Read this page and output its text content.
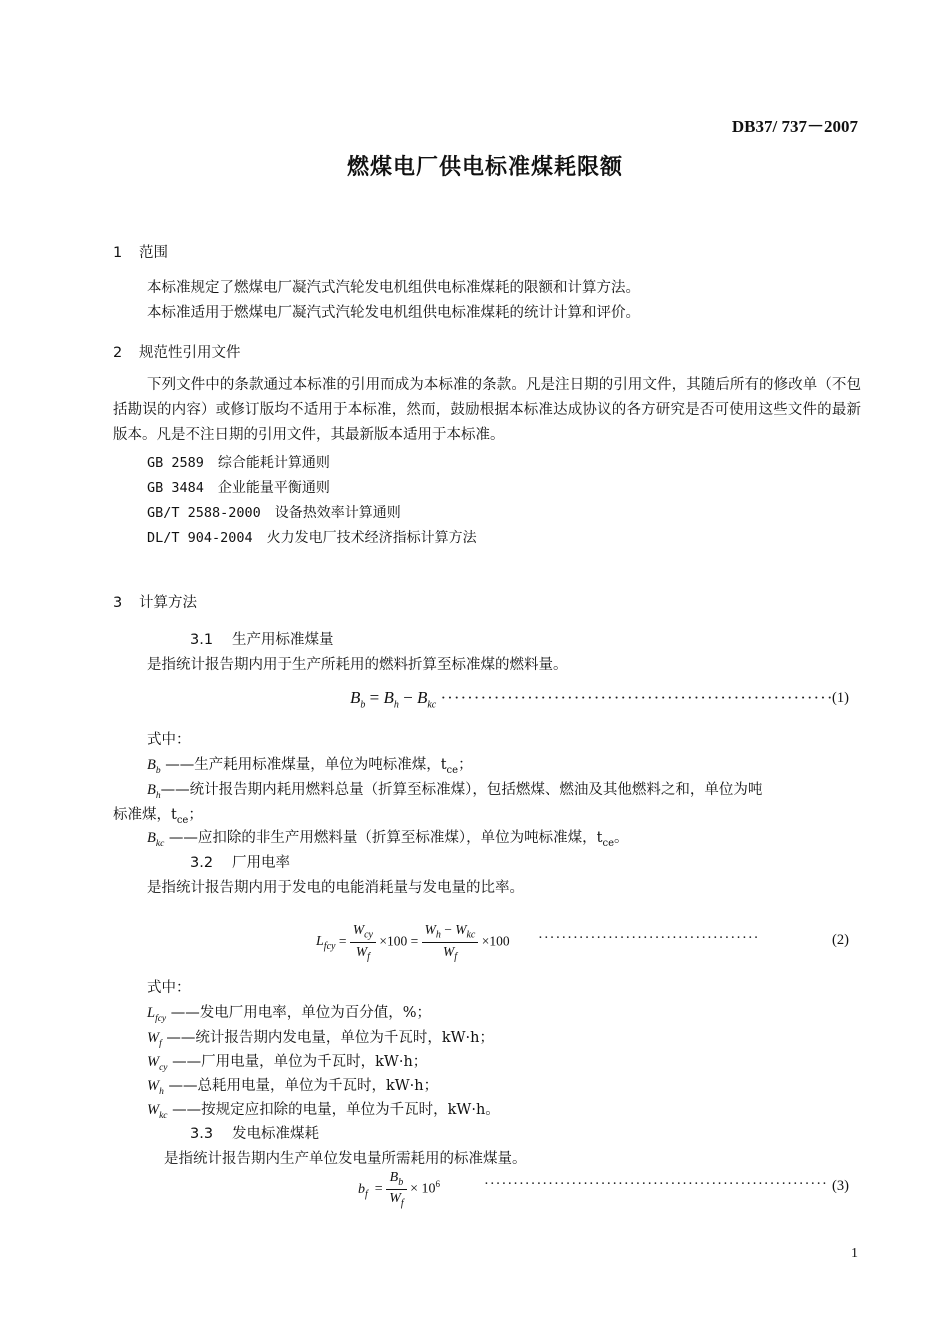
DB37/ 737－2007
燃煤电厂供电标准煤耗限额
1 范围
本标准规定了燃煤电厂凝汽式汽轮发电机组供电标准煤耗的限额和计算方法。
本标准适用于燃煤电厂凝汽式汽轮发电机组供电标准煤耗的统计计算和评价。
2 规范性引用文件
下列文件中的条款通过本标准的引用而成为本标准的条款。凡是注日期的引用文件，其随后所有的修改单（不包括勘误的内容）或修订版均不适用于本标准，然而，鼓励根据本标准达成协议的各方研究是否可使用这些文件的最新版本。凡是不注日期的引用文件，其最新版本适用于本标准。
GB 2589 综合能耗计算通则
GB 3484 企业能量平衡通则
GB/T 2588-2000 设备热效率计算通则
DL/T 904-2004 火力发电厂技术经济指标计算方法
3 计算方法
3.1 生产用标准煤量
是指统计报告期内用于生产所耗用的燃料折算至标准煤的燃料量。
$B_b = B_h - B_{kc}$ ···························································
(1)
式中：
$B_b$ ——生产耗用标准煤量，单位为吨标准煤，$t_{ce}$；
$B_h——$统计报告期内耗用燃料总量（折算至标准煤），包括燃煤、燃油及其他燃料之和，单位为吨
标准煤，$t_{ce}$；
$B_{kc}$ ——应扣除的非生产用燃料量（折算至标准煤），单位为吨标准煤，$t_{ce}$。
3.2 厂用电率
是指统计报告期内用于发电的电能消耗量与发电量的比率。
$L_{fcy} = \frac{W_{cy}}{W_f} \times 100 = \frac{W_h - W_{kc}}{W_f} \times 100$ ······································	(2)
式中：
$L_{fcy}$ ——发电厂用电率，单位为百分值，%；
$W_f$ ——统计报告期内发电量，单位为千瓦时，kW·h；
$W_{cy}$ ——厂用电量，单位为千瓦时，kW·h；
$W_h$ ——总耗用电量，单位为千瓦时，kW·h；
$W_{kc}$ ——按规定应扣除的电量，单位为千瓦时，kW·h。
3.3 发电标准煤耗
是指统计报告期内生产单位发电量所需耗用的标准煤量。
$b_f = \frac{B_b}{W_f} \times 10^6$	··························································· (3)
1
